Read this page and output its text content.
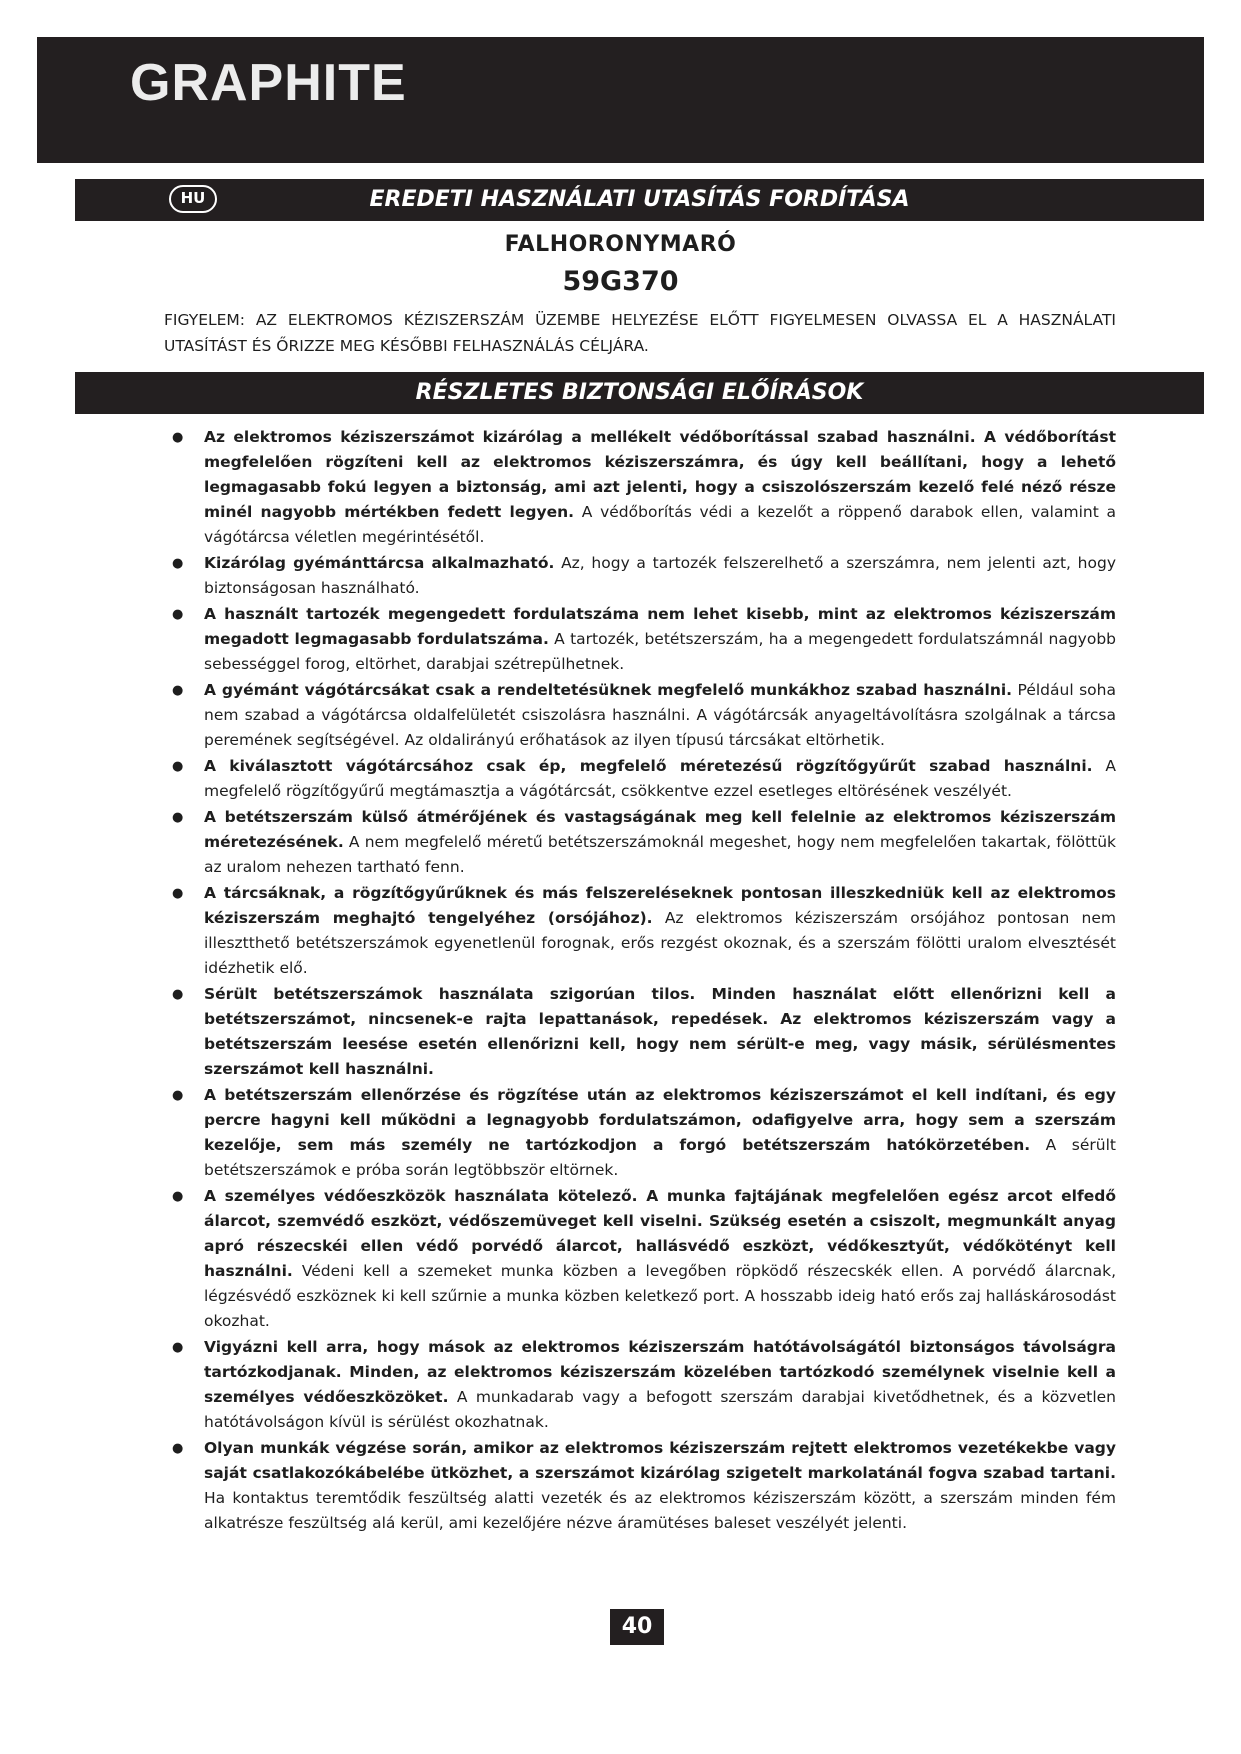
GRAPHITE
HU	EREDETI HASZNÁLATI UTASÍTÁS FORDÍTÁSA
FALHORONYMARÓ
59G370
FIGYELEM: AZ ELEKTROMOS KÉZISZERSZÁM ÜZEMBE HELYEZÉSE ELŐTT FIGYELMESEN OLVASSA EL A HASZNÁLATI UTASÍTÁST ÉS ŐRIZZE MEG KÉSŐBBI FELHASZNÁLÁS CÉLJÁRA.
RÉSZLETES BIZTONSÁGI ELŐÍRÁSOK
● Az elektromos kéziszerszámot kizárólag a mellékelt védőborítással szabad használni. A védőborítást megfelelően rögzíteni kell az elektromos kéziszerszámra, és úgy kell beállítani, hogy a lehető legmagasabb fokú legyen a biztonság, ami azt jelenti, hogy a csiszolószerszám kezelő felé néző része minél nagyobb mértékben fedett legyen. A védőborítás védi a kezelőt a röppenő darabok ellen, valamint a vágótárcsa véletlen megérintésétől.
● Kizárólag gyémánttárcsa alkalmazható. Az, hogy a tartozék felszerelhető a szerszámra, nem jelenti azt, hogy biztonságosan használható.
● A használt tartozék megengedett fordulatszáma nem lehet kisebb, mint az elektromos kéziszerszám megadott legmagasabb fordulatszáma. A tartozék, betétszerszám, ha a megengedett fordulatszámnál nagyobb sebességgel forog, eltörhet, darabjai szétrepülhetnek.
● A gyémánt vágótárcsákat csak a rendeltetésüknek megfelelő munkákhoz szabad használni. Például soha nem szabad a vágótárcsa oldalfelületét csiszolásra használni. A vágótárcsák anyageltávolításra szolgálnak a tárcsa peremének segítségével. Az oldalirányú erőhatások az ilyen típusú tárcsákat eltörhetik.
● A kiválasztott vágótárcsához csak ép, megfelelő méretezésű rögzítőgyűrűt szabad használni. A megfelelő rögzítőgyűrű megtámasztja a vágótárcsát, csökkentve ezzel esetleges eltörésének veszélyét.
● A betétszerszám külső átmérőjének és vastagságának meg kell felelnie az elektromos kéziszerszám méretezésének. A nem megfelelő méretű betétszerszámoknál megeshet, hogy nem megfelelően takartak, fölöttük az uralom nehezen tartható fenn.
● A tárcsáknak, a rögzítőgyűrűknek és más felszereléseknek pontosan illeszkedniük kell az elektromos kéziszerszám meghajtó tengelyéhez (orsójához). Az elektromos kéziszerszám orsójához pontosan nem illesztthető betétszerszámok egyenetlenül forognak, erős rezgést okoznak, és a szerszám fölötti uralom elvesztését idézhetik elő.
● Sérült betétszerszámok használata szigorúan tilos. Minden használat előtt ellenőrizni kell a betétszerszámot, nincsenek-e rajta lepattanások, repedések. Az elektromos kéziszerszám vagy a betétszerszám leesése esetén ellenőrizni kell, hogy nem sérült-e meg, vagy másik, sérülésmentes szerszámot kell használni.
● A betétszerszám ellenőrzése és rögzítése után az elektromos kéziszerszámot el kell indítani, és egy percre hagyni kell működni a legnagyobb fordulatszámon, odafigyelve arra, hogy sem a szerszám kezelője, sem más személy ne tartózkodjon a forgó betétszerszám hatókörzetében. A sérült betétszerszámok e próba során legtöbbször eltörnek.
● A személyes védőeszközök használata kötelező. A munka fajtájának megfelelően egész arcot elfedő álarcot, szemvédő eszközt, védőszemüveget kell viselni. Szükség esetén a csiszolt, megmunkált anyag apró részecskéi ellen védő porvédő álarcot, hallásvédő eszközt, védőkesztyűt, védőkötényt kell használni. Védeni kell a szemeket munka közben a levegőben röpködő részecskék ellen. A porvédő álarcnak, légzésvédő eszköznek ki kell szűrnie a munka közben keletkező port. A hosszabb ideig ható erős zaj halláskárosodást okozhat.
● Vigyázni kell arra, hogy mások az elektromos kéziszerszám hatótávolságától biztonságos távolságra tartózkodjanak. Minden, az elektromos kéziszerszám közelében tartózkodó személynek viselnie kell a személyes védőeszközöket. A munkadarab vagy a befogott szerszám darabjai kivetődhetnek, és a közvetlen hatótávolságon kívül is sérülést okozhatnak.
● Olyan munkák végzése során, amikor az elektromos kéziszerszám rejtett elektromos vezetékekbe vagy saját csatlakozókábelébe ütközhet, a szerszámot kizárólag szigetelt markolatánál fogva szabad tartani. Ha kontaktus teremtődik feszültség alatti vezeték és az elektromos kéziszerszám között, a szerszám minden fém alkatrésze feszültség alá kerül, ami kezelőjére nézve áramütéses baleset veszélyét jelenti.
40
